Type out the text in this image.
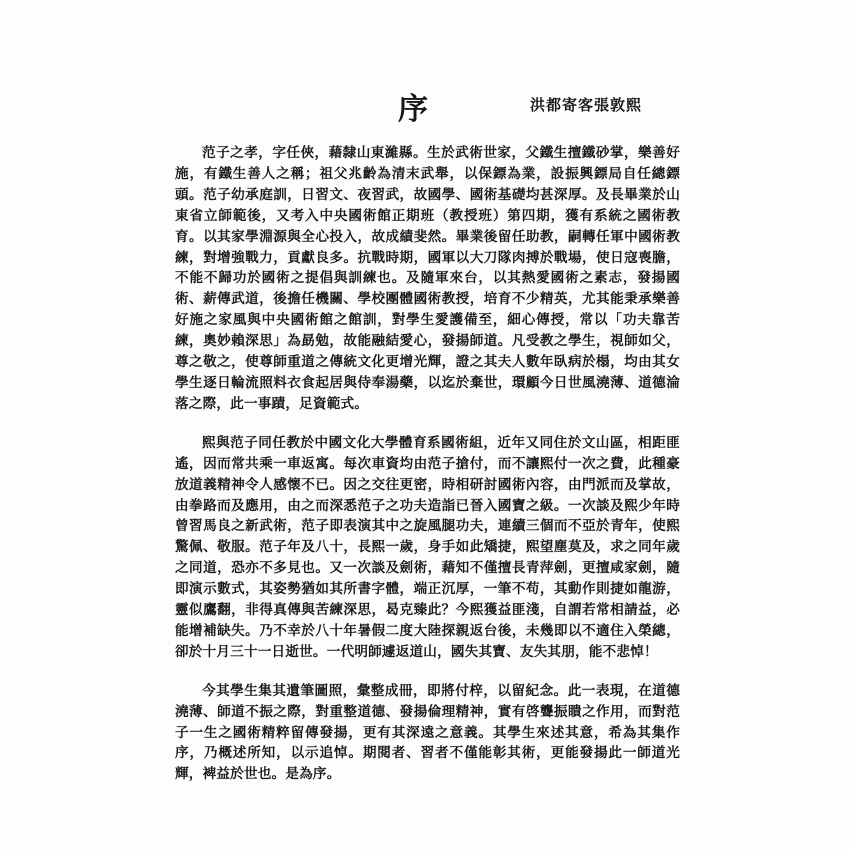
序	洪都寄客張敦熙

范子之孝，字任俠，藉隸山東濰縣。生於武術世家，父鐵生擅鐵砂掌，樂善好施，有鐵生善人之稱；祖父兆齡為清末武舉，以保鏢為業，設振興鏢局自任總鏢頭。范子幼承庭訓，日習文、夜習武，故國學、國術基礎均甚深厚。及長畢業於山東省立師範後，又考入中央國術館正期班（教授班）第四期，獲有系統之國術教育。以其家學淵源與全心投入，故成績斐然。畢業後留任助教，嗣轉任軍中國術教練，對增強戰力，貢獻良多。抗戰時期，國軍以大刀隊肉搏於戰場，使日寇喪膽，不能不歸功於國術之提倡與訓練也。及隨軍來台，以其熱愛國術之素志，發揚國術、薪傳武道，後擔任機關、學校團體國術教授，培育不少精英，尤其能秉承樂善好施之家風與中央國術館之館訓，對學生愛護備至，細心傳授，常以「功夫靠苦練，奧妙賴深思」為勗勉，故能融結愛心，發揚師道。凡受教之學生，視師如父，尊之敬之，使尊師重道之傳統文化更增光輝，證之其夫人數年臥病於榻，均由其女學生逐日輪流照料衣食起居與侍奉湯藥，以迄於棄世，環顧今日世風澆薄、道德淪落之際，此一事蹟，足資範式。

熙與范子同任教於中國文化大學體育系國術組，近年又同住於文山區，相距匪遙，因而常共乘一車返寓。每次車資均由范子搶付，而不讓熙付一次之費，此種豪放道義精神令人感懷不已。因之交往更密，時相研討國術內容，由門派而及掌故，由拳路而及應用，由之而深悉范子之功夫造詣已晉入國寶之級。一次談及熙少年時曾習馬良之新武術，范子即表演其中之旋風腿功夫，連續三個而不亞於青年，使熙驚佩、敬服。范子年及八十，長熙一歲，身手如此矯捷，熙望塵莫及，求之同年歲之同道，恐亦不多見也。又一次談及劍術，藉知不僅擅長青萍劍，更擅咸家劍，隨即演示數式，其姿勢猶如其所書字體，端正沉厚，一筆不苟，其動作則捷如龍游，靈似鷹翻，非得真傳與苦練深思，曷克臻此？今熙獲益匪淺，自謂若常相請益，必能增補缺失。乃不幸於八十年暑假二度大陸探親返台後，未幾即以不適住入榮總，卻於十月三十一日逝世。一代明師遽返道山，國失其寶、友失其朋，能不悲悼！

今其學生集其遺筆圖照，彙整成冊，即將付梓，以留紀念。此一表現，在道德澆薄、師道不振之際，對重整道德、發揚倫理精神，實有啓聾振瞶之作用，而對范子一生之國術精粹留傳發揚，更有其深遠之意義。其學生來述其意，希為其集作序，乃概述所知，以示追悼。期閱者、習者不僅能彰其術，更能發揚此一師道光輝，裨益於世也。是為序。
